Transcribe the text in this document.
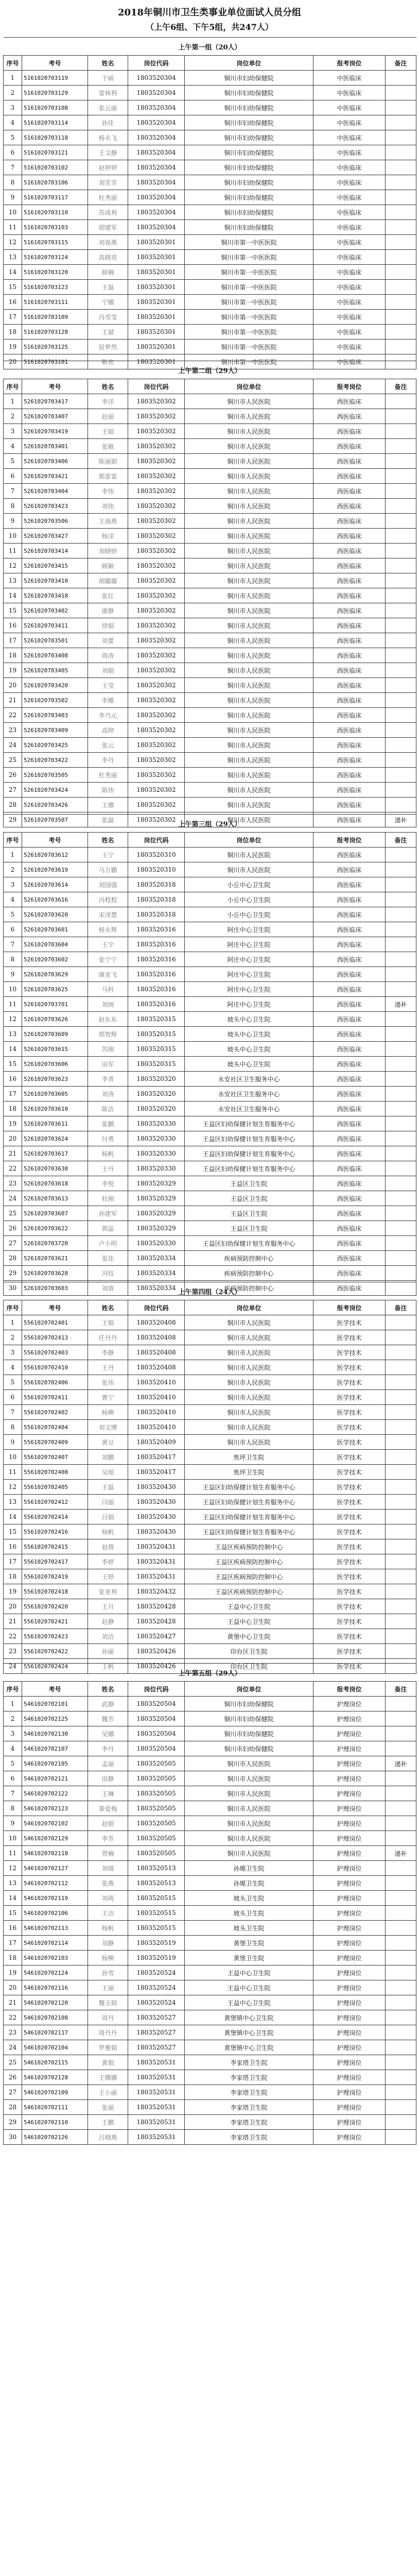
2018年铜川市卫生类事业单位面试人员分组
（上午6组、下午5组，共247人）
上午第一组（20人）						
序号	考号	姓名	岗位代码	岗位单位	报考岗位	备注
1	5161020703119	于硕	1803520304	铜川市妇幼保健院	中医临床	
2	5161020703129	雷林利	1803520304	铜川市妇幼保健院	中医临床	
3	5161020703108	张云丽	1803520304	铜川市妇幼保健院	中医临床	
4	5161020703114	孙佳	1803520304	铜川市妇幼保健院	中医临床	
5	5161020703118	杨永飞	1803520304	铜川市妇幼保健院	中医临床	
6	5161020703121	王文静	1803520304	铜川市妇幼保健院	中医临床	
7	5161020703102	赵婷婷	1803520304	铜川市妇幼保健院	中医临床	
8	5161020703106	刘芳芳	1803520304	铜川市妇幼保健院	中医临床	
9	5161020703117	杜秀丽	1803520304	铜川市妇幼保健院	中医临床	
10	5161020703110	苏成利	1803520304	铜川市妇幼保健院	中医临床	
11	5161020703103	胡建军	1803520304	铜川市妇幼保健院	中医临床	
12	5161020703115	刘春燕	1803520301	铜川市第一中医医院	中医临床	
13	5161020703124	高晓亮	1803520301	铜川市第一中医医院	中医临床	
14	5161020703120	薛楠	1803520301	铜川市第一中医医院	中医临床	
15	5161020703123	王磊	1803520301	铜川市第一中医医院	中医临床	
16	5161020703111	宁娜	1803520301	铜川市第一中医医院	中医临床	
17	5161020703109	冯雪莹	1803520301	铜川市第一中医医院	中医临床	
18	5161020703128	王斌	1803520301	铜川市第一中医医院	中医临床	
19	5161020703125	屈梦然	1803520301	铜川市第一中医医院	中医临床	
20	5161020703101	靳欢	1803520301	铜川市第一中医医院	中医临床	
上午第二组（29人）						
序号	考号	姓名	岗位代码	岗位单位	报考岗位	备注
1	5261020703417	李洋	1803520302	铜川市人民医院	西医临床	
2	5261020703407	赵丽	1803520302	铜川市人民医院	西医临床	
3	5261020703419	王娟	1803520302	铜川市人民医院	西医临床	
4	5261020703401	张敏	1803520302	铜川市人民医院	西医临床	
5	5261020703406	陈丽娟	1803520302	铜川市人民医院	西医临床	
6	5261020703421	郭雷雷	1803520302	铜川市人民医院	西医临床	
7	5261020703404	李伟	1803520302	铜川市人民医院	西医临床	
8	5261020703423	刘伟	1803520302	铜川市人民医院	西医临床	
9	5261020703506	王海燕	1803520302	铜川市人民医院	西医临床	
10	5261020703427	杨洋	1803520302	铜川市人民医院	西医临床	
11	5261020703414	刘晓婷	1803520302	铜川市人民医院	西医临床	
12	5261020703415	顾颖	1803520302	铜川市人民医院	西医临床	
13	5261020703410	胡璐璐	1803520302	铜川市人民医院	西医临床	
14	5261020703418	张红	1803520302	铜川市人民医院	西医临床	
15	5261020703402	康静	1803520302	铜川市人民医院	西医临床	
16	5261020703411	徐娟	1803520302	铜川市人民医院	西医临床	
17	5261020703501	刘蕾	1803520302	铜川市人民医院	西医临床	
18	5261020703408	周涛	1803520302	铜川市人民医院	西医临床	
19	5261020703405	刘娟	1803520302	铜川市人民医院	西医临床	
20	5261020703420	王莹	1803520302	铜川市人民医院	西医临床	
21	5261020703502	李娜	1803520302	铜川市人民医院	西医临床	
22	5261020703403	李乃元	1803520302	铜川市人民医院	西医临床	
23	5261020703409	高婷	1803520302	铜川市人民医院	西医临床	
24	5261020703425	张云	1803520302	铜川市人民医院	西医临床	
25	5261020703422	李丹	1803520302	铜川市人民医院	西医临床	
26	5261020703505	杜秀丽	1803520302	铜川市人民医院	西医临床	
27	5261020703424	陈伟	1803520302	铜川市人民医院	西医临床	
28	5261020703426	王娜	1803520302	铜川市人民医院	西医临床	
29	5261020703507	张磊	1803520302	铜川市人民医院	西医临床	递补
上午第三组（29人）						
序号	考号	姓名	岗位代码	岗位单位	报考岗位	备注
1	5261020703612	王宁	1803520310	铜川市人民医院	西医临床	
2	5261020703619	马万鹏	1803520310	铜川市人民医院	西医临床	
3	5261020703614	刘国强	1803520318	小丘中心卫生院	西医临床	
4	5261020703616	冯程程	1803520318	小丘中心卫生院	西医临床	
5	5261020703620	宋泽慧	1803520318	小丘中心卫生院	西医临床	
6	5261020703601	杨永辉	1803520316	阿庄中心卫生院	西医临床	
7	5261020703604	王宇	1803520316	阿庄中心卫生院	西医临床	
8	5261020703602	张宁宁	1803520316	阿庄中心卫生院	西医临床	
9	5261020703629	康亚飞	1803520316	阿庄中心卫生院	西医临床	
10	5261020703625	马科	1803520316	阿庄中心卫生院	西医临床	
11	5261020703701	刘雨	1803520316	阿庄中心卫生院	西医临床	递补
12	5261020703626	赵东东	1803520315	坡头中心卫生院	西医临床	
13	5261020703609	邢智辉	1803520315	坡头中心卫生院	西医临床	
14	5261020703615	苏刚	1803520315	坡头中心卫生院	西医临床	
15	5261020703606	田军	1803520315	坡头中心卫生院	西医临床	
16	5261020703623	李青	1803520320	永安社区卫生服务中心	西医临床	
17	5261020703605	刘涛	1803520320	永安社区卫生服务中心	西医临床	
18	5261020703610	陈洁	1803520320	永安社区卫生服务中心	西医临床	
19	5261020703611	张鹏	1803520330	王益区妇幼保健计划生育服务中心	西医临床	
20	5261020703624	付勇	1803520330	王益区妇幼保健计划生育服务中心	西医临床	
21	5261020703617	杨帆	1803520330	王益区妇幼保健计划生育服务中心	西医临床	
22	5261020703630	王丹	1803520330	王益区妇幼保健计划生育服务中心	西医临床	
23	5261020703618	李悦	1803520329	王益区卫生院	西医临床	
24	5261020703613	杜刚	1803520329	王益区卫生院	西医临床	
25	5261020703607	孙建军	1803520329	王益区卫生院	西医临床	
26	5261020703622	郭晶	1803520329	王益区卫生院	西医临床	
27	5261020703720	卢小明	1803520330	王益区妇幼保健计划生育服务中心	西医临床	
28	5261020703621	张佳	1803520334	疾病预防控制中心	西医临床	
29	5261020703628	冯钰	1803520334	疾病预防控制中心	西医临床	
30	5261020703603	刘倩	1803520334	疾病预防控制中心	西医临床	
上午第四组（24人）						
序号	考号	姓名	岗位代码	岗位单位	报考岗位	备注
1	5561020702401	王娟	1803520408	铜川市人民医院	医学技术	
2	5561020702413	任丹丹	1803520408	铜川市人民医院	医学技术	
3	5561020702403	李静	1803520408	铜川市人民医院	医学技术	
4	5561020702410	王丹	1803520408	铜川市人民医院	医学技术	
5	5561020702406	张伟	1803520410	铜川市人民医院	医学技术	
6	5561020702411	曹宁	1803520410	铜川市人民医院	医学技术	
7	5561020702402	杨柳	1803520410	铜川市人民医院	医学技术	
8	5561020702404	刘文博	1803520410	铜川市人民医院	医学技术	
9	5561020702409	黄豆	1803520409	铜川市人民医院	医学技术	
10	5561020702407	刘鹏	1803520417	焦坪卫生院	医学技术	
11	5561020702408	吴瑶	1803520417	焦坪卫生院	医学技术	
12	5561020702405	王磊	1803520430	王益区妇幼保健计划生育服务中心	医学技术	
13	5561020702412	闫丽	1803520430	王益区妇幼保健计划生育服务中心	医学技术	
14	5561020702414	吕娟	1803520430	王益区妇幼保健计划生育服务中心	医学技术	
15	5561020702416	杨帆	1803520430	王益区妇幼保健计划生育服务中心	医学技术	
16	5561020702415	赵倩	1803520431	王益区疾病预防控制中心	医学技术	
17	5561020702417	李婷	1803520431	王益区疾病预防控制中心	医学技术	
18	5561020702419	王婷	1803520431	王益区疾病预防控制中心	医学技术	
19	5561020702418	张亚利	1803520432	王益区疾病预防控制中心	医学技术	
20	5561020702420	王月	1803520428	王益中心卫生院	医学技术	
21	5561020702421	赵静	1803520428	王益中心卫生院	医学技术	
22	5561020702423	刘洁	1803520427	黄堡中心卫生院	医学技术	
23	5561020702422	孙丽	1803520426	印台区卫生院	医学技术	
24	5561020702424	王帆	1803520426	印台区卫生院	医学技术	
上午第五组（29人）						
序号	考号	姓名	岗位代码	岗位单位	报考岗位	备注
1	5461020702101	武静	1803520504	铜川市妇幼保健院	护理岗位	
2	5461020702125	魏芳	1803520504	铜川市妇幼保健院	护理岗位	
3	5461020702130	吴娜	1803520504	铜川市妇幼保健院	护理岗位	
4	5461020702107	李丹	1803520504	铜川市妇幼保健院	护理岗位	
5	5461020702105	孟丽	1803520505	铜川市人民医院	护理岗位	递补
6	5461020702121	田静	1803520505	铜川市人民医院	护理岗位	
7	5461020702122	王琳	1803520505	铜川市人民医院	护理岗位	
8	5461020702123	秦爱梅	1803520505	铜川市人民医院	护理岗位	
9	5461020702102	赵娟	1803520505	铜川市人民医院	护理岗位	
10	5461020702129	李芳	1803520505	铜川市人民医院	护理岗位	
11	5461020702118	贾楠	1803520505	铜川市人民医院	护理岗位	递补
12	5461020702127	刘婧	1803520513	孙塬卫生院	护理岗位	
13	5461020702112	张燕	1803520513	孙塬卫生院	护理岗位	
14	5461020702119	刘萌	1803520515	坡头卫生院	护理岗位	
15	5461020702106	王洁	1803520515	坡头卫生院	护理岗位	
16	5461020702113	杨帆	1803520515	坡头卫生院	护理岗位	
17	5461020702114	刘静	1803520519	黄堡卫生院	护理岗位	
18	5461020702103	杨柳	1803520519	黄堡卫生院	护理岗位	
19	5461020702124	孙雪	1803520524	王益中心卫生院	护理岗位	
20	5461020702116	王丽	1803520524	王益中心卫生院	护理岗位	
21	5461020702120	魏玉娟	1803520524	王益中心卫生院	护理岗位	
22	5461020702108	周丹	1803520527	黄堡镇中心卫生院	护理岗位	
23	5461020702117	周丹丹	1803520527	黄堡镇中心卫生院	护理岗位	
24	5461020702104	罗雅娟	1803520527	黄堡镇中心卫生院	护理岗位	
25	5461020702115	黄娟	1803520531	李家塔卫生院	护理岗位	
26	5461020702128	王娜娜	1803520531	李家塔卫生院	护理岗位	
27	5461020702109	王小丽	1803520531	李家塔卫生院	护理岗位	
28	5461020702111	张丽	1803520531	李家塔卫生院	护理岗位	
29	5461020702110	王鹏	1803520531	李家塔卫生院	护理岗位	
30	5461020702126	吕晓燕	1803520531	李家塔卫生院	护理岗位	
